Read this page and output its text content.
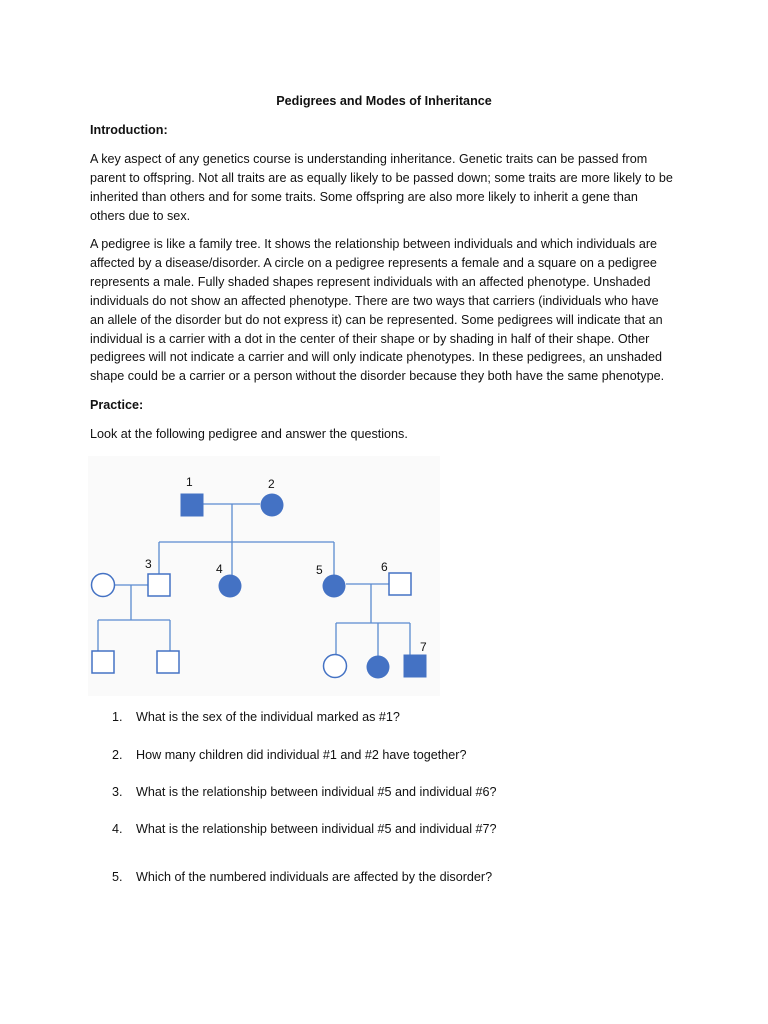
Pedigrees and Modes of Inheritance
Introduction:

A key aspect of any genetics course is understanding inheritance. Genetic traits can be passed from parent to offspring. Not all traits are as equally likely to be passed down; some traits are more likely to be inherited than others and for some traits. Some offspring are also more likely to inherit a gene than others due to sex.

A pedigree is like a family tree. It shows the relationship between individuals and which individuals are affected by a disease/disorder. A circle on a pedigree represents a female and a square on a pedigree represents a male. Fully shaded shapes represent individuals with an affected phenotype. Unshaded individuals do not show an affected phenotype. There are two ways that carriers (individuals who have an allele of the disorder but do not express it) can be represented. Some pedigrees will indicate that an individual is a carrier with a dot in the center of their shape or by shading in half of their shape. Other pedigrees will not indicate a carrier and will only indicate phenotypes. In these pedigrees, an unshaded shape could be a carrier or a person without the disorder because they both have the same phenotype.

Practice:
Look at the following pedigree and answer the questions.
1	2
3	4	5	6
7
1. What is the sex of the individual marked as #1?
2. How many children did individual #1 and #2 have together?
3. What is the relationship between individual #5 and individual #6?
4. What is the relationship between individual #5 and individual #7?
5. Which of the numbered individuals are affected by the disorder?
